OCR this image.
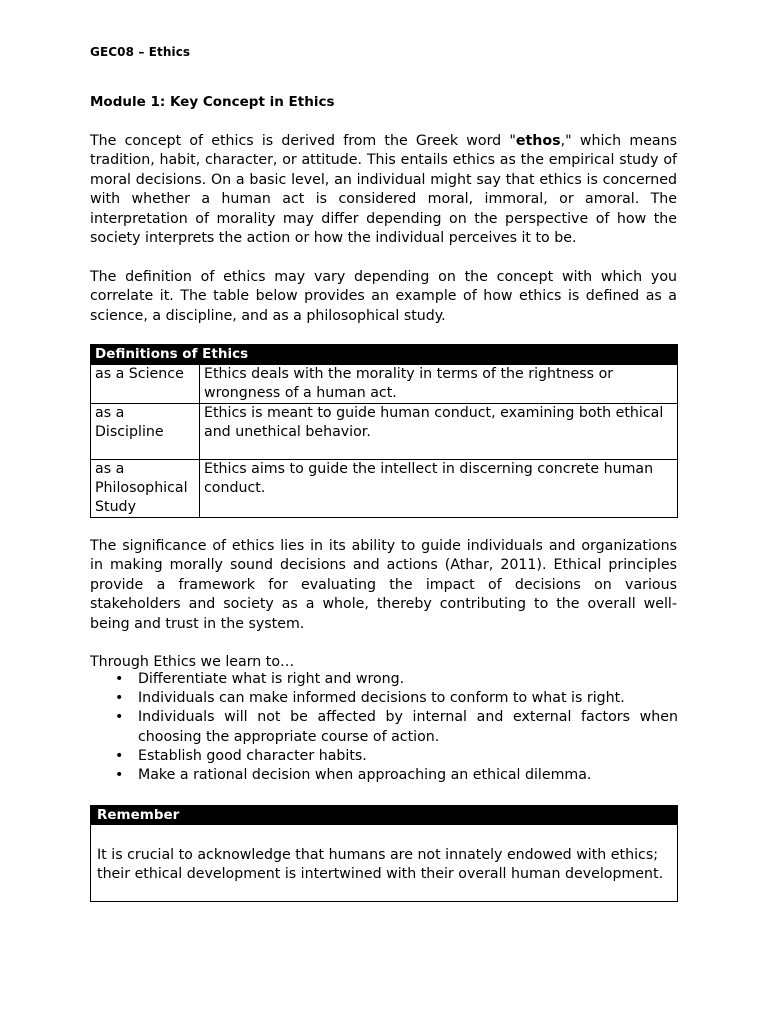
GEC08 – Ethics
Module 1: Key Concept in Ethics
The concept of ethics is derived from the Greek word "ethos," which means tradition, habit, character, or attitude. This entails ethics as the empirical study of moral decisions. On a basic level, an individual might say that ethics is concerned with whether a human act is considered moral, immoral, or amoral. The interpretation of morality may differ depending on the perspective of how the society interprets the action or how the individual perceives it to be.
The definition of ethics may vary depending on the concept with which you correlate it. The table below provides an example of how ethics is defined as a science, a discipline, and as a philosophical study.
Definitions of Ethics	
as a Science	Ethics deals with the morality in terms of the rightness or wrongness of a human act.
as a Discipline	Ethics is meant to guide human conduct, examining both ethical and unethical behavior.
as a Philosophical Study	Ethics aims to guide the intellect in discerning concrete human conduct.
The significance of ethics lies in its ability to guide individuals and organizations in making morally sound decisions and actions (Athar, 2011). Ethical principles provide a framework for evaluating the impact of decisions on various stakeholders and society as a whole, thereby contributing to the overall well-being and trust in the system.
Through Ethics we learn to…
• Differentiate what is right and wrong.
• Individuals can make informed decisions to conform to what is right.
• Individuals will not be affected by internal and external factors when choosing the appropriate course of action.
• Establish good character habits.
• Make a rational decision when approaching an ethical dilemma.
Remember
It is crucial to acknowledge that humans are not innately endowed with ethics; their ethical development is intertwined with their overall human development.
